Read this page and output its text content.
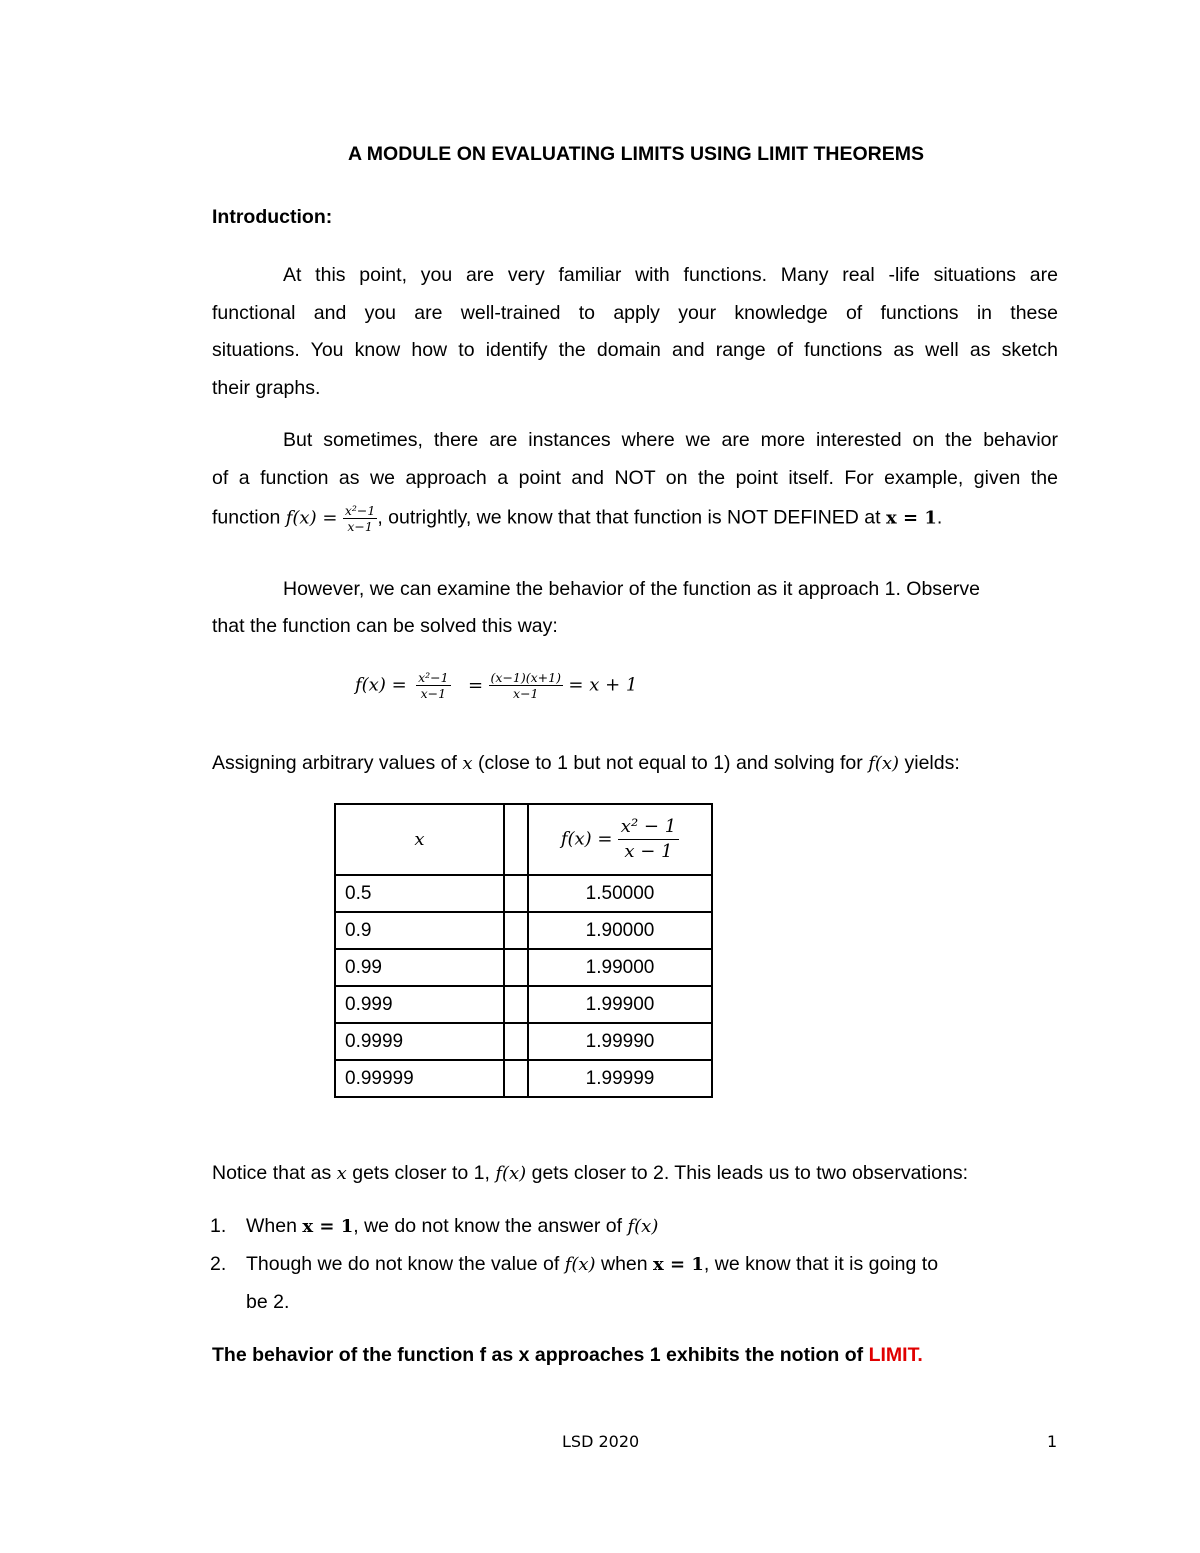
A MODULE ON EVALUATING LIMITS USING LIMIT THEOREMS
Introduction:
At this point, you are very familiar with functions. Many real -life situations are
functional and you are well-trained to apply your knowledge of functions in these
situations. You know how to identify the domain and range of functions as well as sketch
their graphs.
But sometimes, there are instances where we are more interested on the behavior
of a function as we approach a point and NOT on the point itself. For example, given the
function $f(x) = \frac{\text{x²−1}}{x-1}$ , outrightly, we know that that function is NOT DEFINED at x = 1.
However, we can examine the behavior of the function as it approach 1. Observe
that the function can be solved this way:
$f(x) = \frac{\text{x²−1}}{x-1} = \frac{(x-1)(x+1)}{x-1} = x + 1$
Assigning arbitrary values of x (close to 1 but not equal to 1) and solving for f(x) yields:
x		$f(x) = \frac{\text{x² − 1}}{x - 1}$

0.5		1.50000
0.9		1.90000
0.99		1.99000
0.999		1.99900
0.9999		1.99990
0.99999		1.99999
Notice that as x gets closer to 1, f(x) gets closer to 2. This leads us to two observations:
1. When x = 1, we do not know the answer of f(x)
2. Though we do not know the value of f(x) when x = 1, we know that it is going to
be 2.
The behavior of the function f as x approaches 1 exhibits the notion of LIMIT.
LSD 2020	1
